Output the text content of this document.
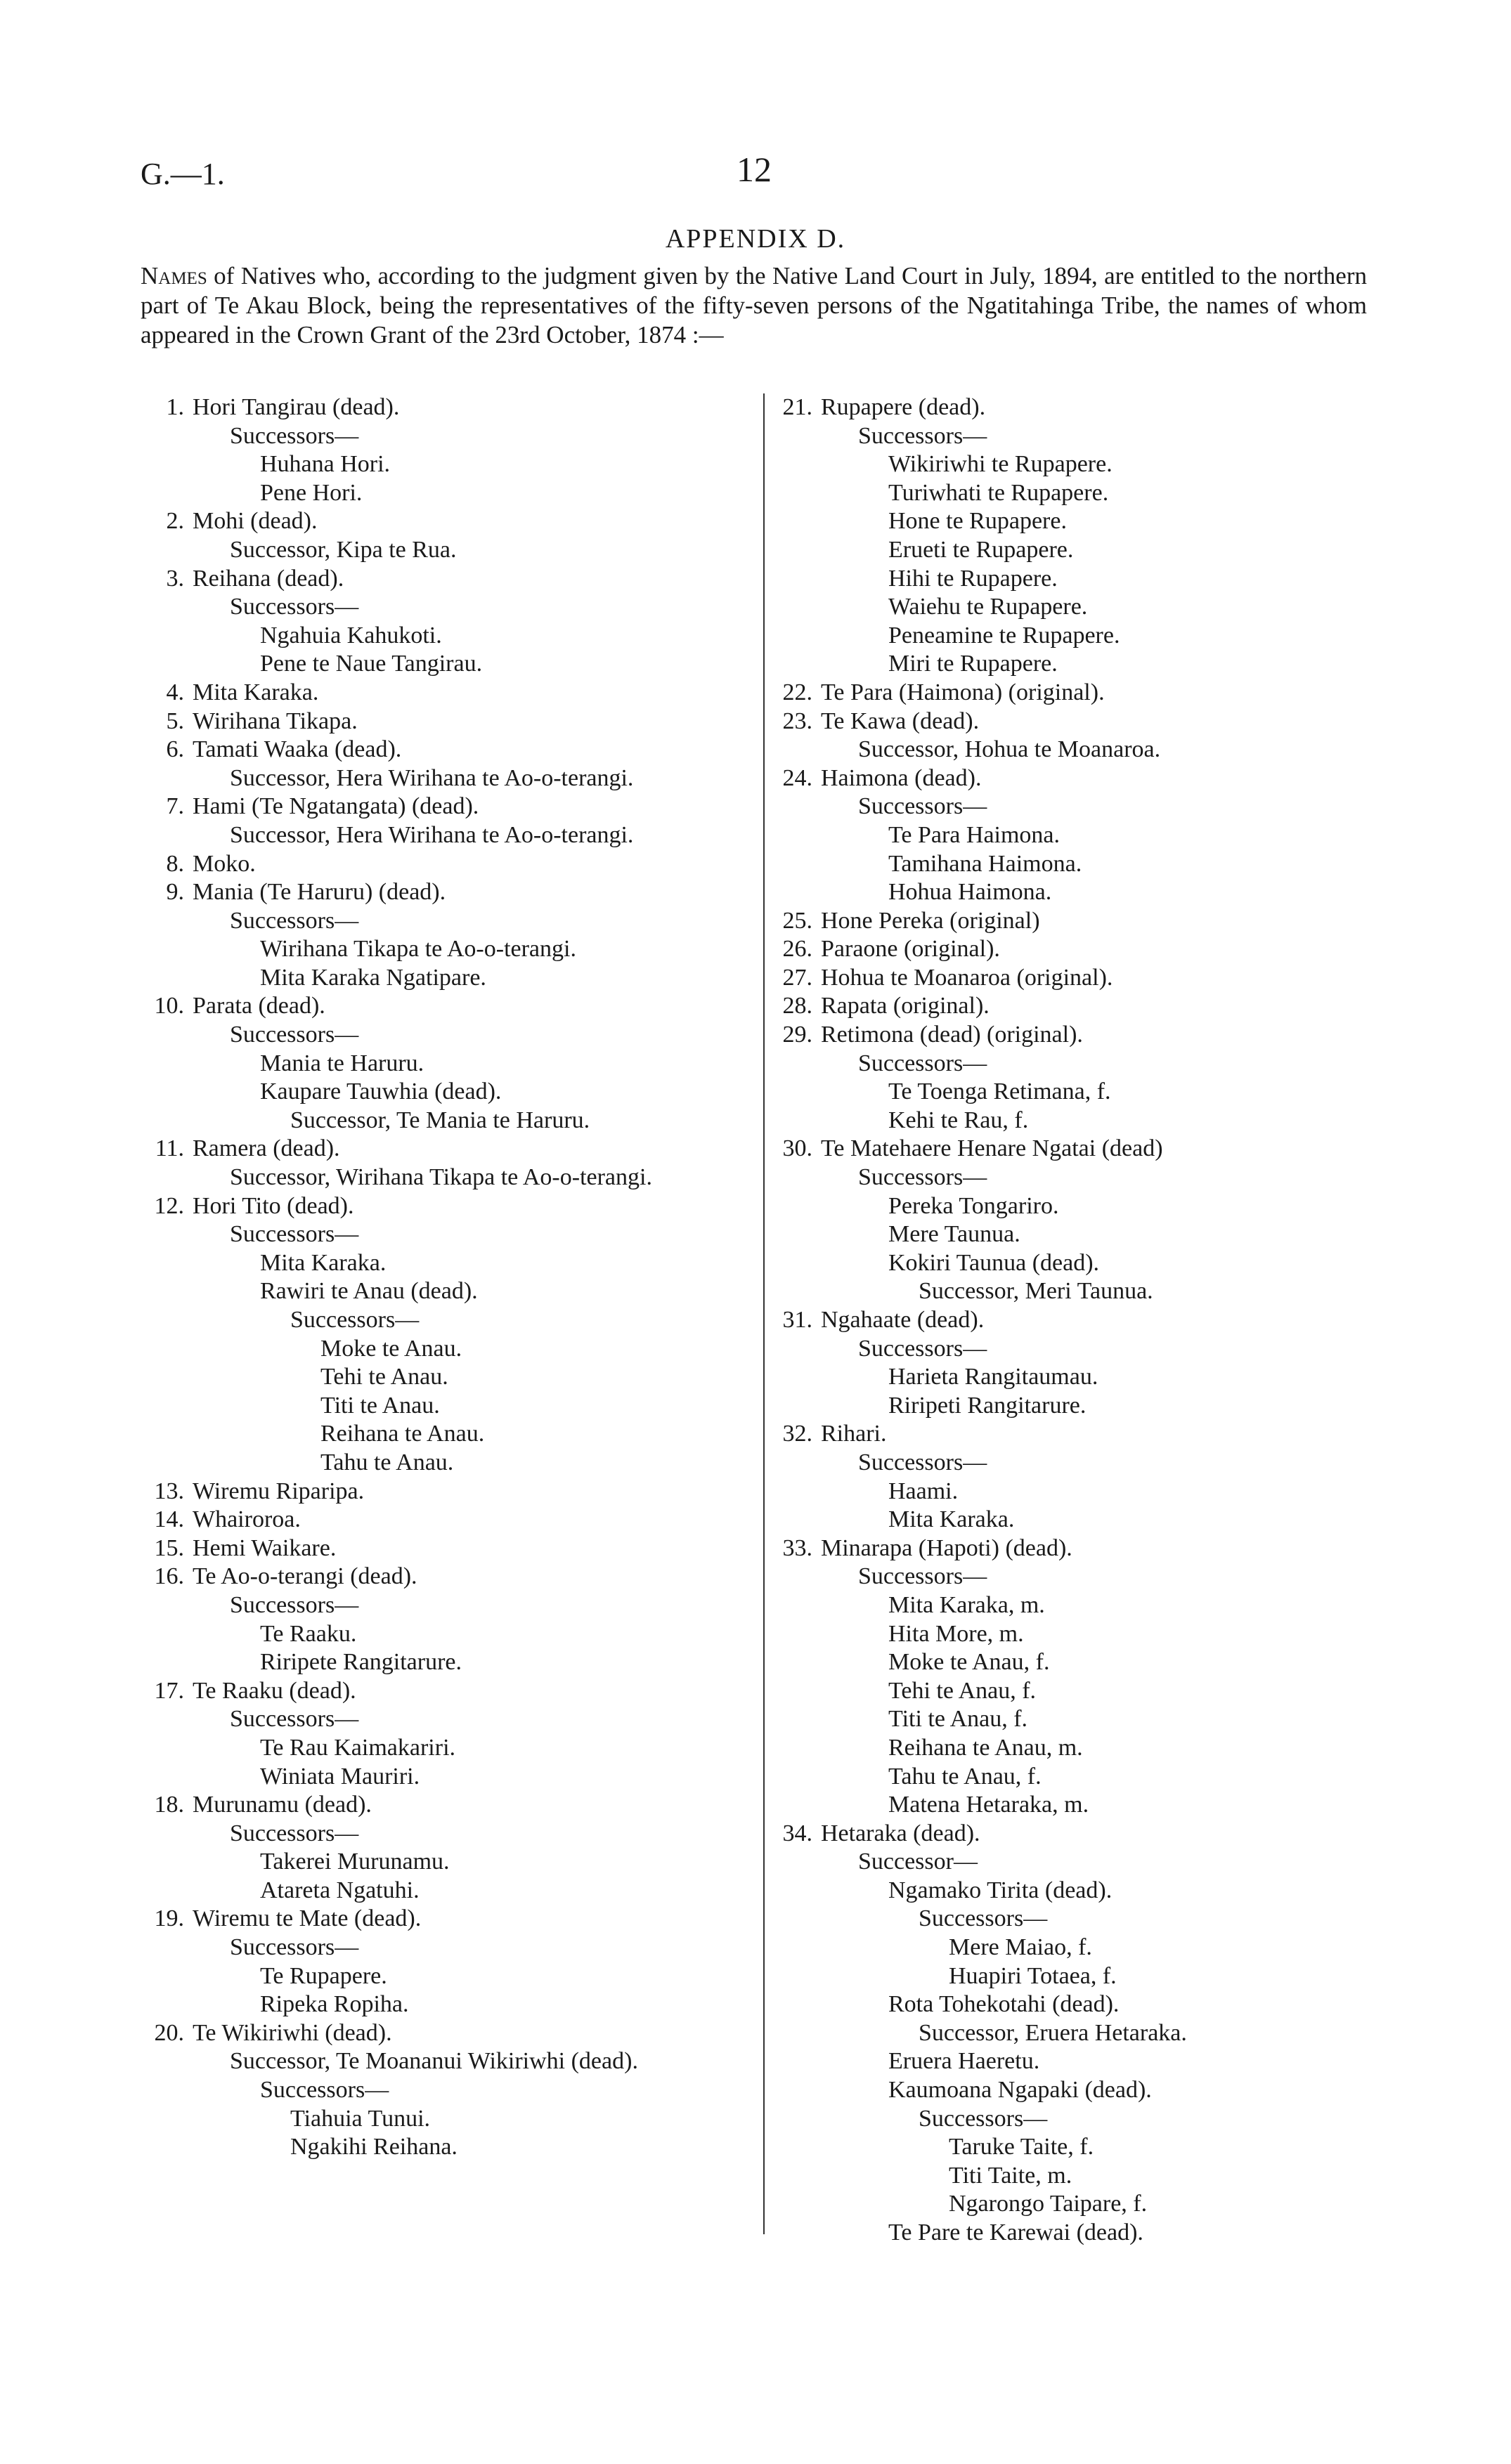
G.—1.	12
APPENDIX D.
Names of Natives who, according to the judgment given by the Native Land Court in July, 1894, are entitled to the northern part of Te Akau Block, being the representatives of the fifty-seven persons of the Ngatitahinga Tribe, the names of whom appeared in the Crown Grant of the 23rd October, 1874 :—
1. Hori Tangirau (dead).
Successors—
Huhana Hori.
Pene Hori.
2. Mohi (dead).
Successor, Kipa te Rua.
3. Reihana (dead).
Successors—
Ngahuia Kahukoti.
Pene te Naue Tangirau.
4. Mita Karaka.
5. Wirihana Tikapa.
6. Tamati Waaka (dead).
Successor, Hera Wirihana te Ao-o-terangi.
7. Hami (Te Ngatangata) (dead).
Successor, Hera Wirihana te Ao-o-terangi.
8. Moko.
9. Mania (Te Haruru) (dead).
Successors—
Wirihana Tikapa te Ao-o-terangi.
Mita Karaka Ngatipare.
10. Parata (dead).
Successors—
Mania te Haruru.
Kaupare Tauwhia (dead).
Successor, Te Mania te Haruru.
11. Ramera (dead).
Successor, Wirihana Tikapa te Ao-o-terangi.
12. Hori Tito (dead).
Successors—
Mita Karaka.
Rawiri te Anau (dead).
Successors—
Moke te Anau.
Tehi te Anau.
Titi te Anau.
Reihana te Anau.
Tahu te Anau.
13. Wiremu Riparipa.
14. Whairoroa.
15. Hemi Waikare.
16. Te Ao-o-terangi (dead).
Successors—
Te Raaku.
Riripete Rangitarure.
17. Te Raaku (dead).
Successors—
Te Rau Kaimakariri.
Winiata Mauriri.
18. Murunamu (dead).
Successors—
Takerei Murunamu.
Atareta Ngatuhi.
19. Wiremu te Mate (dead).
Successors—
Te Rupapere.
Ripeka Ropiha.
20. Te Wikiriwhi (dead).
Successor, Te Moananui Wikiriwhi (dead).
Successors—
Tiahuia Tunui.
Ngakihi Reihana.
21. Rupapere (dead).
Successors—
Wikiriwhi te Rupapere.
Turiwhati te Rupapere.
Hone te Rupapere.
Erueti te Rupapere.
Hihi te Rupapere.
Waiehu te Rupapere.
Peneamine te Rupapere.
Miri te Rupapere.
22. Te Para (Haimona) (original).
23. Te Kawa (dead).
Successor, Hohua te Moanaroa.
24. Haimona (dead).
Successors—
Te Para Haimona.
Tamihana Haimona.
Hohua Haimona.
25. Hone Pereka (original)
26. Paraone (original).
27. Hohua te Moanaroa (original).
28. Rapata (original).
29. Retimona (dead) (original).
Successors—
Te Toenga Retimana, f.
Kehi te Rau, f.
30. Te Matehaere Henare Ngatai (dead)
Successors—
Pereka Tongariro.
Mere Taunua.
Kokiri Taunua (dead).
Successor, Meri Taunua.
31. Ngahaate (dead).
Successors—
Harieta Rangitaumau.
Riripeti Rangitarure.
32. Rihari.
Successors—
Haami.
Mita Karaka.
33. Minarapa (Hapoti) (dead).
Successors—
Mita Karaka, m.
Hita More, m.
Moke te Anau, f.
Tehi te Anau, f.
Titi te Anau, f.
Reihana te Anau, m.
Tahu te Anau, f.
Matena Hetaraka, m.
34. Hetaraka (dead).
Successor—
Ngamako Tirita (dead).
Successors—
Mere Maiao, f.
Huapiri Totaea, f.
Rota Tohekotahi (dead).
Successor, Eruera Hetaraka.
Eruera Haeretu.
Kaumoana Ngapaki (dead).
Successors—
Taruke Taite, f.
Titi Taite, m.
Ngarongo Taipare, f.
Te Pare te Karewai (dead).
